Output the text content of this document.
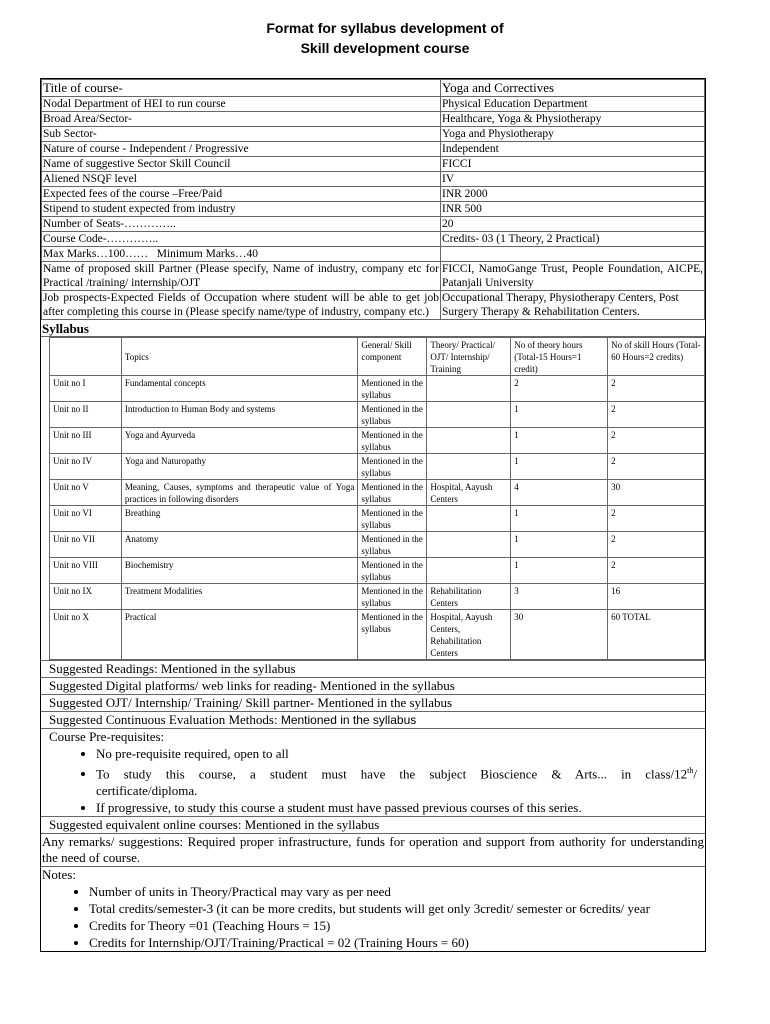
Format for syllabus development of
Skill development course
Title of course-	Yoga and Correctives
Nodal Department of HEI to run course	Physical Education Department
Broad Area/Sector-	Healthcare, Yoga & Physiotherapy
Sub Sector-	Yoga and Physiotherapy
Nature of course - Independent / Progressive	Independent
Name of suggestive Sector Skill Council	FICCI
Aliened NSQF level	IV
Expected fees of the course –Free/Paid	INR 2000
Stipend to student expected from industry	INR 500
Number of Seats-…………..	20
Course Code-…………..	Credits- 03 (1 Theory, 2 Practical)
Max Marks…100……   Minimum Marks…40	
Name of proposed skill Partner (Please specify, Name of industry, company etc for Practical /training/ internship/OJT	FICCI, NamoGange Trust, People Foundation, AICPE, Patanjali University
Job prospects-Expected Fields of Occupation where student will be able to get job after completing this course in (Please specify name/type of industry, company etc.)	Occupational Therapy, Physiotherapy Centers, Post Surgery Therapy & Rehabilitation Centers.
Syllabus
	Topics	General/ Skill component	Theory/ Practical/ OJT/ Internship/ Training	No of theory hours (Total-15 Hours=1 credit)	No of skill Hours (Total-60 Hours=2 credits)
Unit no I	Fundamental concepts	Mentioned in the syllabus		2	2
Unit no II	Introduction to Human Body and systems	Mentioned in the syllabus		1	2
Unit no III	Yoga and Ayurveda	Mentioned in the syllabus		1	2
Unit no IV	Yoga and Naturopathy	Mentioned in the syllabus		1	2
Unit no V	Meaning, Causes, symptoms and therapeutic value of Yoga practices in following disorders	Mentioned in the syllabus	Hospital, Aayush Centers	4	30
Unit no VI	Breathing	Mentioned in the syllabus		1	2
Unit no VII	Anatomy	Mentioned in the syllabus		1	2
Unit no VIII	Biochemistry	Mentioned in the syllabus		1	2
Unit no IX	Treatment Modalities	Mentioned in the syllabus	Rehabilitation Centers	3	16
Unit no X	Practical	Mentioned in the syllabus	Hospital, Aayush Centers, Rehabilitation Centers	30	60 TOTAL
Suggested Readings: Mentioned in the syllabus
Suggested Digital platforms/ web links for reading- Mentioned in the syllabus
Suggested OJT/ Internship/ Training/ Skill partner- Mentioned in the syllabus
Suggested Continuous Evaluation Methods: Mentioned in the syllabus
Course Pre-requisites:
• No pre-requisite required, open to all
• To study this course, a student must have the subject Bioscience & Arts... in class/12th/ certificate/diploma.
• If progressive, to study this course a student must have passed previous courses of this series.
Suggested equivalent online courses: Mentioned in the syllabus
Any remarks/ suggestions: Required proper infrastructure, funds for operation and support from authority for understanding the need of course.
Notes:
• Number of units in Theory/Practical may vary as per need
• Total credits/semester-3 (it can be more credits, but students will get only 3credit/ semester or 6credits/ year
• Credits for Theory =01 (Teaching Hours = 15)
• Credits for Internship/OJT/Training/Practical = 02 (Training Hours = 60)
